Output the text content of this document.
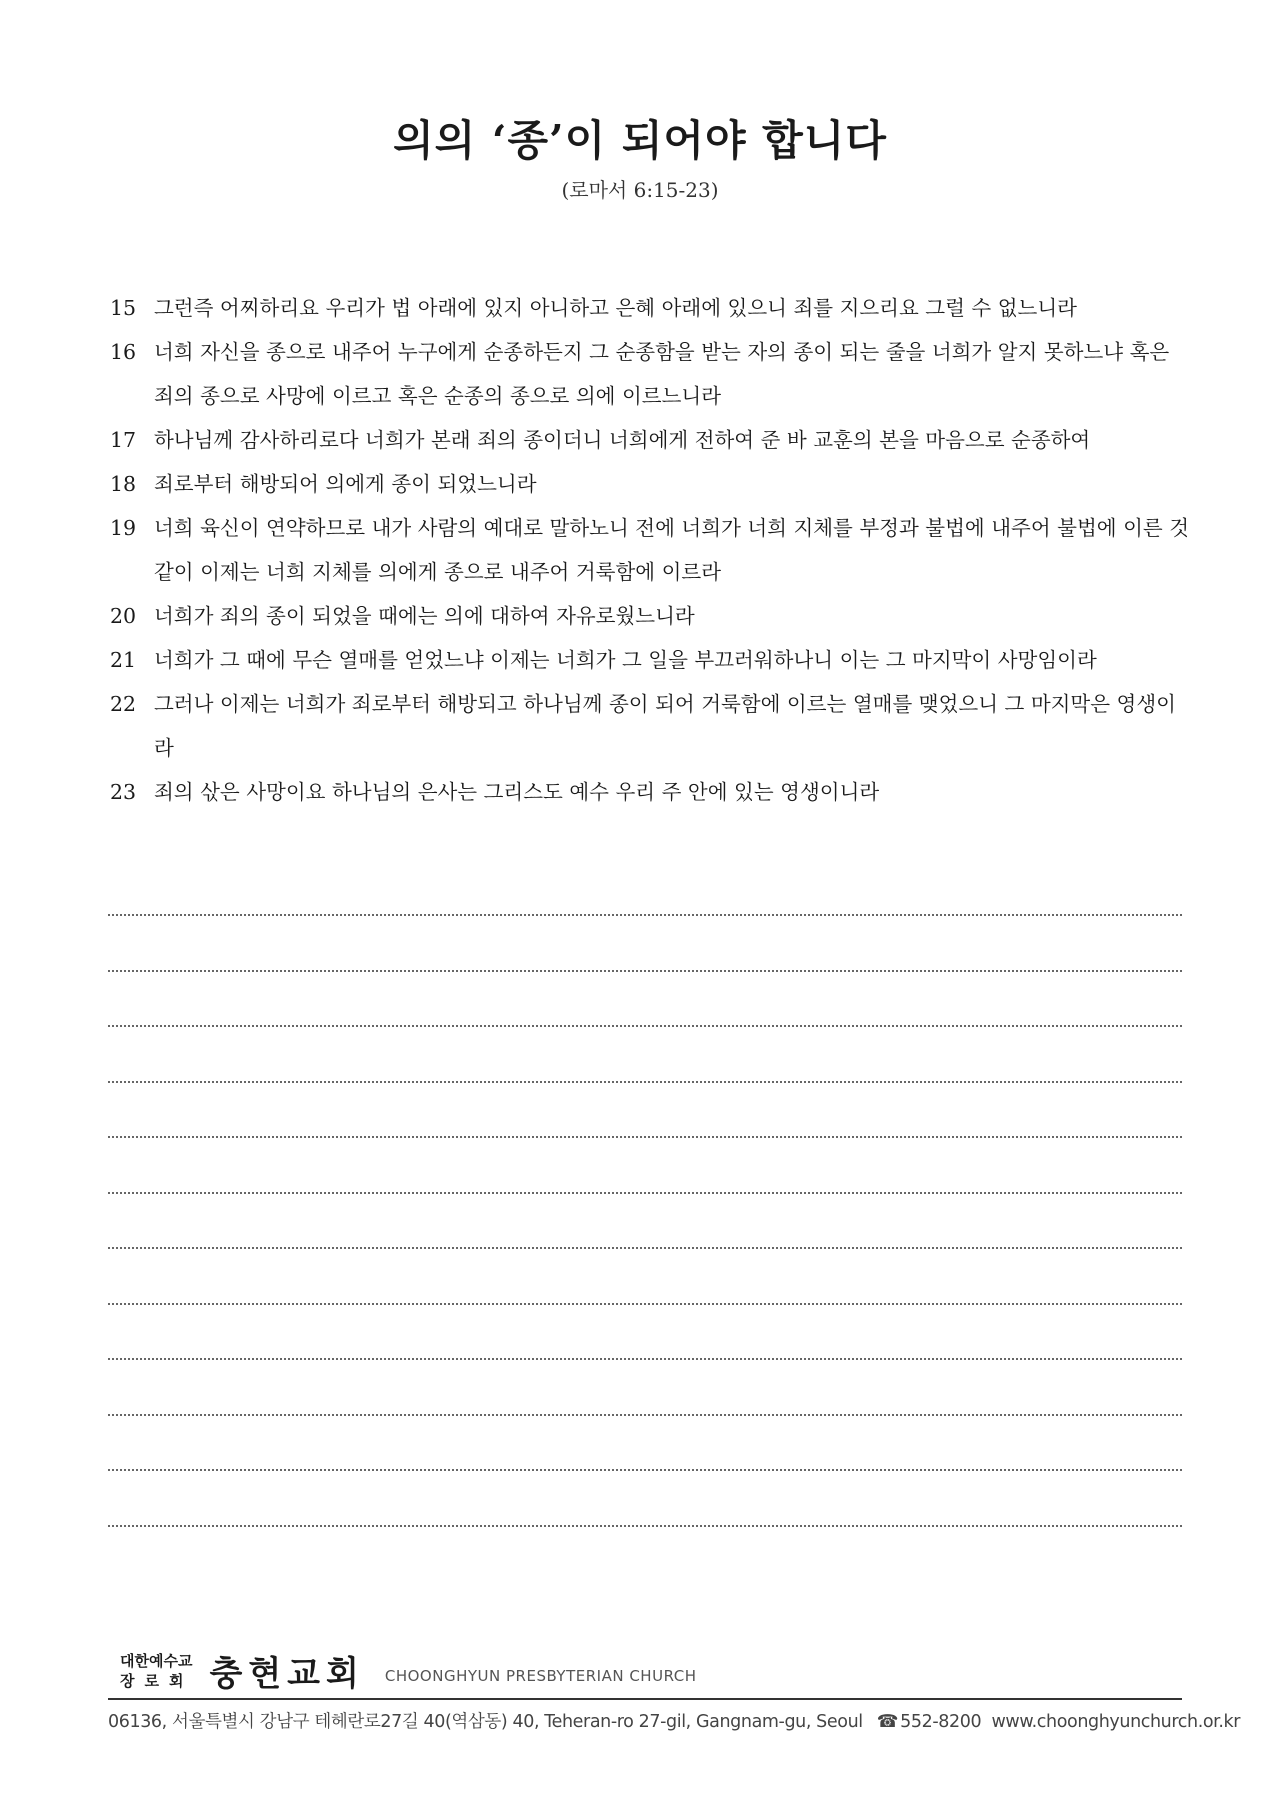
의의 ‘종’이 되어야 합니다
(로마서 6:15-23)
15 그런즉 어찌하리요 우리가 법 아래에 있지 아니하고 은혜 아래에 있으니 죄를 지으리요 그럴 수 없느니라
16 너희 자신을 종으로 내주어 누구에게 순종하든지 그 순종함을 받는 자의 종이 되는 줄을 너희가 알지 못하느냐 혹은 죄의 종으로 사망에 이르고 혹은 순종의 종으로 의에 이르느니라
17 하나님께 감사하리로다 너희가 본래 죄의 종이더니 너희에게 전하여 준 바 교훈의 본을 마음으로 순종하여
18 죄로부터 해방되어 의에게 종이 되었느니라
19 너희 육신이 연약하므로 내가 사람의 예대로 말하노니 전에 너희가 너희 지체를 부정과 불법에 내주어 불법에 이른 것 같이 이제는 너희 지체를 의에게 종으로 내주어 거룩함에 이르라
20 너희가 죄의 종이 되었을 때에는 의에 대하여 자유로웠느니라
21 너희가 그 때에 무슨 열매를 얻었느냐 이제는 너희가 그 일을 부끄러워하나니 이는 그 마지막이 사망임이라
22 그러나 이제는 너희가 죄로부터 해방되고 하나님께 종이 되어 거룩함에 이르는 열매를 맺었으니 그 마지막은 영생이라
23 죄의 삯은 사망이요 하나님의 은사는 그리스도 예수 우리 주 안에 있는 영생이니라
대한예수교
장로회 충현교회 CHOONGHYUN PRESBYTERIAN CHURCH
06136, 서울특별시 강남구 테헤란로27길 40(역삼동) 40, Teheran-ro 27-gil, Gangnam-gu, Seoul ☎ 552-8200 www.choonghyunchurch.or.kr
